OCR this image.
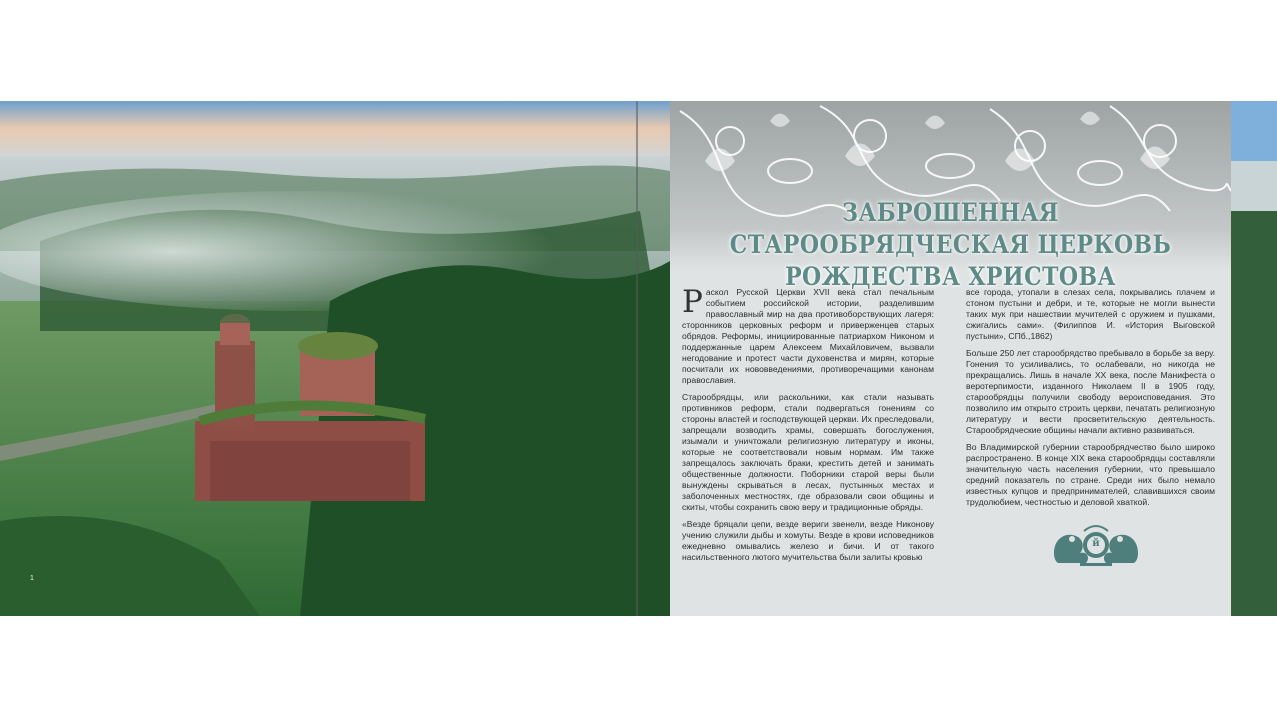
1
ЗАБРОШЕННАЯ СТАРООБРЯДЧЕСКАЯ ЦЕРКОВЬ
РОЖДЕСТВА ХРИСТОВА

Раскол Русской Церкви XVII века стал печальным событием российской истории, разделившим православный мир на два противоборствующих лагеря: сторонников церковных реформ и приверженцев старых обрядов. Реформы, инициированные патриархом Никоном и поддержанные царем Алексеем Михайловичем, вызвали негодование и протест части духовенства и мирян, которые посчитали их нововведениями, противоречащими канонам православия.

Старообрядцы, или раскольники, как стали называть противников реформ, стали подвергаться гонениям со стороны властей и господствующей церкви. Их преследовали, запрещали возводить храмы, совершать богослужения, изымали и уничтожали религиозную литературу и иконы, которые не соответствовали новым нормам. Им также запрещалось заключать браки, крестить детей и занимать общественные должности. Поборники старой веры были вынуждены скрываться в лесах, пустынных местах и заболоченных местностях, где образовали свои общины и скиты, чтобы сохранить свою веру и традиционные обряды.

«Везде бряцали цепи, везде вериги звенели, везде Никонову учению служили дыбы и хомуты. Везде в крови исповедников ежедневно омывались железо и бичи. И от такого насильственного лютого мучительства были залиты кровью

все города, утопали в слезах села, покрывались плачем и стоном пустыни и дебри, и те, которые не могли вынести таких мук при нашествии мучителей с оружием и пушками, сжигались сами». (Филиппов И. «История Выговской пустыни», СПб.,1862)

Больше 250 лет старообрядство пребывало в борьбе за веру. Гонения то усиливались, то ослабевали, но никогда не прекращались. Лишь в начале XX века, после Манифеста о веротерпимости, изданного Николаем II в 1905 году, старообрядцы получили свободу вероисповедания. Это позволило им открыто строить церкви, печатать религиозную литературу и вести просветительскую деятельность. Старообрядческие общины начали активно развиваться.

Во Владимирской губернии старообрядчество было широко распространено. В конце XIX века старообрядцы составляли значительную часть населения губернии, что превышало средний показатель по стране. Среди них было немало известных купцов и предпринимателей, славившихся своим трудолюбием, честностью и деловой хваткой.

й
